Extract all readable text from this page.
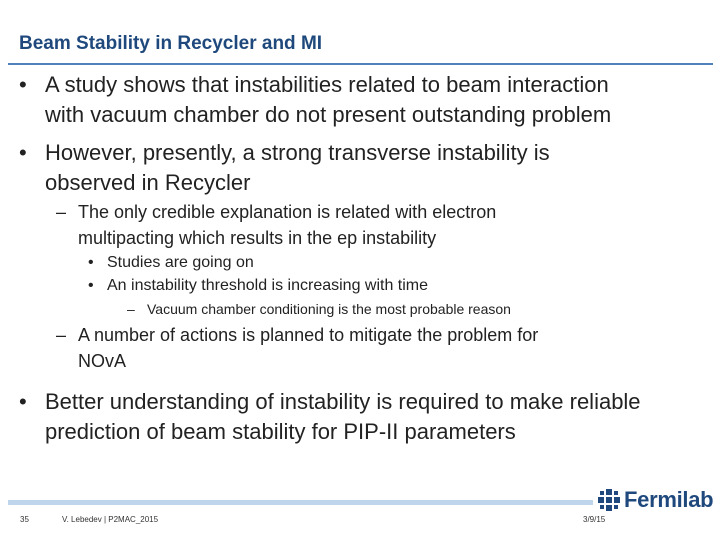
Beam Stability in Recycler and MI
• A study shows that instabilities related to beam interaction
with vacuum chamber do not present outstanding problem
• However, presently, a strong transverse instability is
observed in Recycler
– The only credible explanation is related with electron
multipacting which results in the ep instability
• Studies are going on
• An instability threshold is increasing with time
– Vacuum chamber conditioning is the most probable reason
– A number of actions is planned to mitigate the problem for
NOvA
• Better understanding of instability is required to make reliable
prediction of beam stability for PIP-II parameters
Fermilab
35	V. Lebedev | P2MAC_2015	3/9/15
